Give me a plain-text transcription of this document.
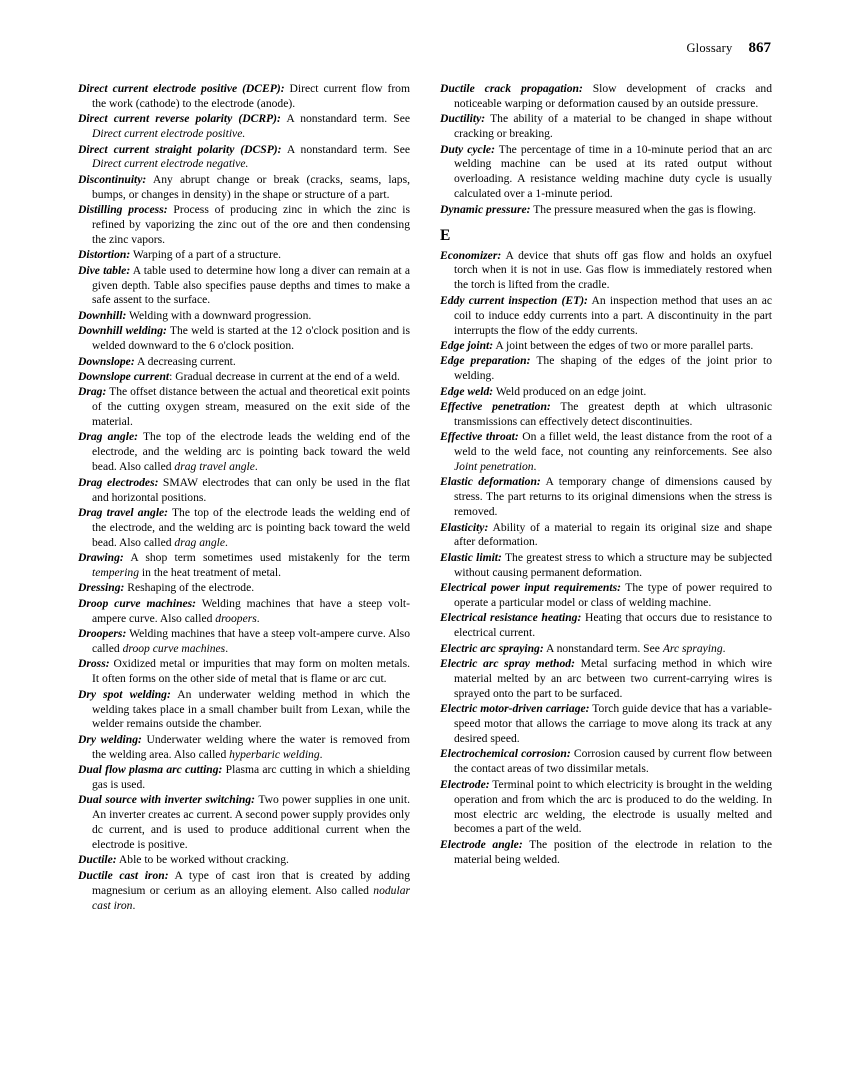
Glossary 867

Direct current electrode positive (DCEP): Direct current flow from the work (cathode) to the electrode (anode).

Direct current reverse polarity (DCRP): A nonstandard term. See Direct current electrode positive.

Direct current straight polarity (DCSP): A nonstandard term. See Direct current electrode negative.

Discontinuity: Any abrupt change or break (cracks, seams, laps, bumps, or changes in density) in the shape or structure of a part.

Distilling process: Process of producing zinc in which the zinc is refined by vaporizing the zinc out of the ore and then condensing the zinc vapors.

Distortion: Warping of a part of a structure.

Dive table: A table used to determine how long a diver can remain at a given depth. Table also specifies pause depths and times to make a safe assent to the surface.

Downhill: Welding with a downward progression.

Downhill welding: The weld is started at the 12 o'clock position and is welded downward to the 6 o'clock position.

Downslope: A decreasing current.

Downslope current: Gradual decrease in current at the end of a weld.

Drag: The offset distance between the actual and theoretical exit points of the cutting oxygen stream, measured on the exit side of the material.

Drag angle: The top of the electrode leads the welding end of the electrode, and the welding arc is pointing back toward the weld bead. Also called drag travel angle.

Drag electrodes: SMAW electrodes that can only be used in the flat and horizontal positions.

Drag travel angle: The top of the electrode leads the welding end of the electrode, and the welding arc is pointing back toward the weld bead. Also called drag angle.

Drawing: A shop term sometimes used mistakenly for the term tempering in the heat treatment of metal.

Dressing: Reshaping of the electrode.

Droop curve machines: Welding machines that have a steep volt-ampere curve. Also called droopers.

Droopers: Welding machines that have a steep volt-ampere curve. Also called droop curve machines.

Dross: Oxidized metal or impurities that may form on molten metals. It often forms on the other side of metal that is flame or arc cut.

Dry spot welding: An underwater welding method in which the welding takes place in a small chamber built from Lexan, while the welder remains outside the chamber.

Dry welding: Underwater welding where the water is removed from the welding area. Also called hyperbaric welding.

Dual flow plasma arc cutting: Plasma arc cutting in which a shielding gas is used.

Dual source with inverter switching: Two power supplies in one unit. An inverter creates ac current. A second power supply provides only dc current, and is used to produce additional current when the electrode is positive.

Ductile: Able to be worked without cracking.

Ductile cast iron: A type of cast iron that is created by adding magnesium or cerium as an alloying element. Also called nodular cast iron.

Ductile crack propagation: Slow development of cracks and noticeable warping or deformation caused by an outside pressure.

Ductility: The ability of a material to be changed in shape without cracking or breaking.

Duty cycle: The percentage of time in a 10-minute period that an arc welding machine can be used at its rated output without overloading. A resistance welding machine duty cycle is usually calculated over a 1-minute period.

Dynamic pressure: The pressure measured when the gas is flowing.

E

Economizer: A device that shuts off gas flow and holds an oxyfuel torch when it is not in use. Gas flow is immediately restored when the torch is lifted from the cradle.

Eddy current inspection (ET): An inspection method that uses an ac coil to induce eddy currents into a part. A discontinuity in the part interrupts the flow of the eddy currents.

Edge joint: A joint between the edges of two or more parallel parts.

Edge preparation: The shaping of the edges of the joint prior to welding.

Edge weld: Weld produced on an edge joint.

Effective penetration: The greatest depth at which ultrasonic transmissions can effectively detect discontinuities.

Effective throat: On a fillet weld, the least distance from the root of a weld to the weld face, not counting any reinforcements. See also Joint penetration.

Elastic deformation: A temporary change of dimensions caused by stress. The part returns to its original dimensions when the stress is removed.

Elasticity: Ability of a material to regain its original size and shape after deformation.

Elastic limit: The greatest stress to which a structure may be subjected without causing permanent deformation.

Electrical power input requirements: The type of power required to operate a particular model or class of welding machine.

Electrical resistance heating: Heating that occurs due to resistance to electrical current.

Electric arc spraying: A nonstandard term. See Arc spraying.

Electric arc spray method: Metal surfacing method in which wire material melted by an arc between two current-carrying wires is sprayed onto the part to be surfaced.

Electric motor-driven carriage: Torch guide device that has a variable-speed motor that allows the carriage to move along its track at any desired speed.

Electrochemical corrosion: Corrosion caused by current flow between the contact areas of two dissimilar metals.

Electrode: Terminal point to which electricity is brought in the welding operation and from which the arc is produced to do the welding. In most electric arc welding, the electrode is usually melted and becomes a part of the weld.

Electrode angle: The position of the electrode in relation to the material being welded.
